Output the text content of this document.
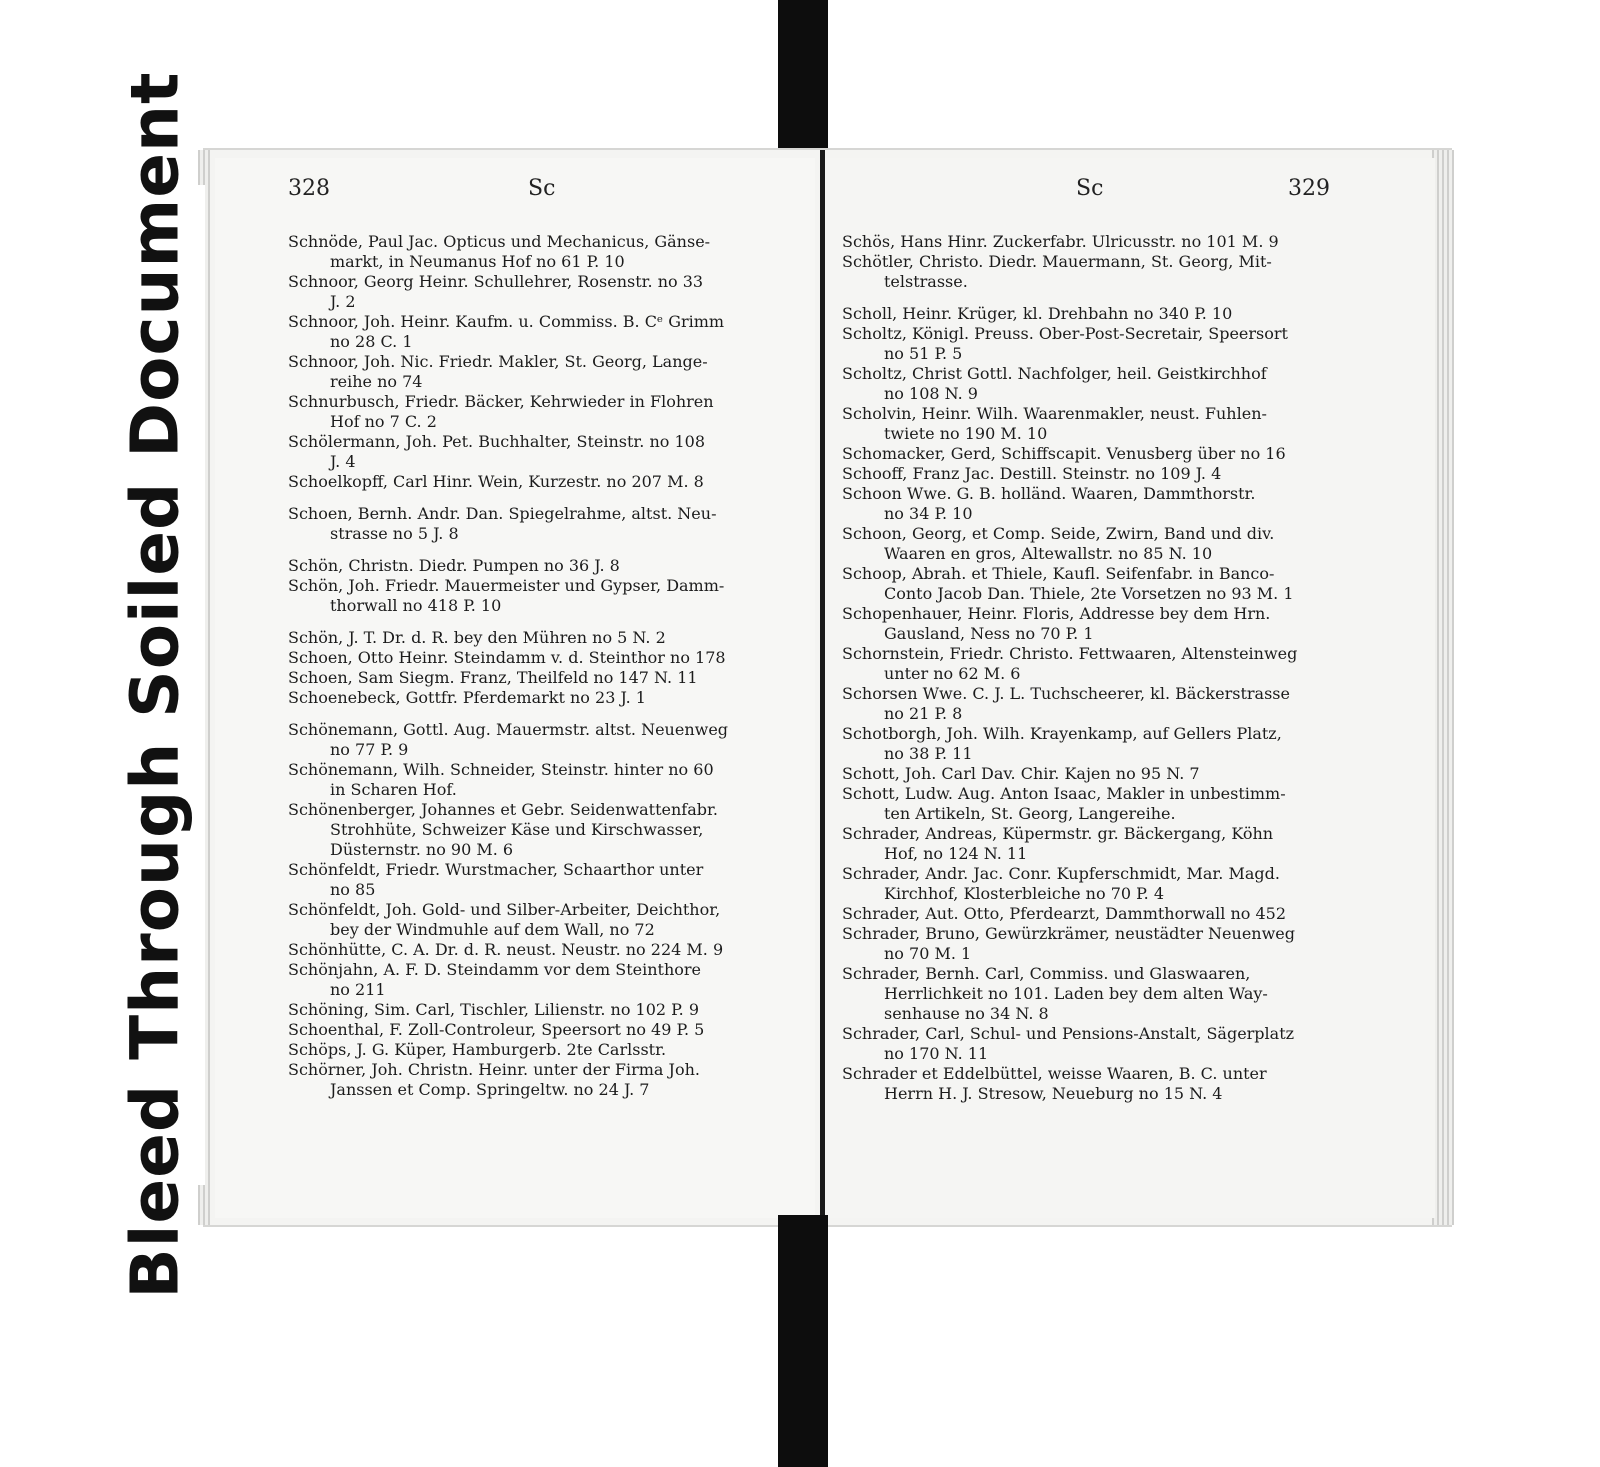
Bleed Through Soiled Document	328	Sc	Sc	329
Schnöde, Paul Jac. Opticus und Mechanicus, Gänse-
markt, in Neumanus Hof no 61 P. 10
Schnoor, Georg Heinr. Schullehrer, Rosenstr. no 33
J. 2
Schnoor, Joh. Heinr. Kaufm. u. Commiss. B. Cᵉ Grimm
no 28 C. 1
Schnoor, Joh. Nic. Friedr. Makler, St. Georg, Lange-
reihe no 74
Schnurbusch, Friedr. Bäcker, Kehrwieder in Flohren
Hof no 7 C. 2
Schölermann, Joh. Pet. Buchhalter, Steinstr. no 108
J. 4
Schoelkopff, Carl Hinr. Wein, Kurzestr. no 207 M. 8
Schoen, Bernh. Andr. Dan. Spiegelrahme, altst. Neu-
strasse no 5 J. 8
Schön, Christn. Diedr. Pumpen no 36 J. 8
Schön, Joh. Friedr. Mauermeister und Gypser, Damm-
thorwall no 418 P. 10
Schön, J. T. Dr. d. R. bey den Mühren no 5 N. 2
Schoen, Otto Heinr. Steindamm v. d. Steinthor no 178
Schoen, Sam Siegm. Franz, Theilfeld no 147 N. 11
Schoenebeck, Gottfr. Pferdemarkt no 23 J. 1
Schönemann, Gottl. Aug. Mauermstr. altst. Neuenweg
no 77 P. 9
Schönemann, Wilh. Schneider, Steinstr. hinter no 60
in Scharen Hof.
Schönenberger, Johannes et Gebr. Seidenwattenfabr.
Strohhüte, Schweizer Käse und Kirschwasser, Düsternstr. no 90 M. 6
Schönfeldt, Friedr. Wurstmacher, Schaarthor unter
no 85
Schönfeldt, Joh. Gold- und Silber-Arbeiter, Deichthor,
bey der Windmuhle auf dem Wall, no 72
Schönhütte, C. A. Dr. d. R. neust. Neustr. no 224 M. 9
Schönjahn, A. F. D. Steindamm vor dem Steinthore
no 211
Schöning, Sim. Carl, Tischler, Lilienstr. no 102 P. 9
Schoenthal, F. Zoll-Controleur, Speersort no 49 P. 5
Schöps, J. G. Küper, Hamburgerb. 2te Carlsstr.
Schörner, Joh. Christn. Heinr. unter der Firma Joh.
Janssen et Comp. Springeltw. no 24 J. 7
Schös, Hans Hinr. Zuckerfabr. Ulricusstr. no 101 M. 9
Schötler, Christo. Diedr. Mauermann, St. Georg, Mit-
telstrasse.
Scholl, Heinr. Krüger, kl. Drehbahn no 340 P. 10
Scholtz, Königl. Preuss. Ober-Post-Secretair, Speersort
no 51 P. 5
Scholtz, Christ Gottl. Nachfolger, heil. Geistkirchhof
no 108 N. 9
Scholvin, Heinr. Wilh. Waarenmakler, neust. Fuhlen-
twiete no 190 M. 10
Schomacker, Gerd, Schiffscapit. Venusberg über no 16
Schooff, Franz Jac. Destill. Steinstr. no 109 J. 4
Schoon Wwe. G. B. holländ. Waaren, Dammthorstr.
no 34 P. 10
Schoon, Georg, et Comp. Seide, Zwirn, Band und div.
Waaren en gros, Altewallstr. no 85 N. 10
Schoop, Abrah. et Thiele, Kaufl. Seifenfabr. in Banco-
Conto Jacob Dan. Thiele, 2te Vorsetzen no 93 M. 1
Schopenhauer, Heinr. Floris, Addresse bey dem Hrn.
Gausland, Ness no 70 P. 1
Schornstein, Friedr. Christo. Fettwaaren, Altensteinweg
unter no 62 M. 6
Schorsen Wwe. C. J. L. Tuchscheerer, kl. Bäckerstrasse
no 21 P. 8
Schotborgh, Joh. Wilh. Krayenkamp, auf Gellers Platz,
no 38 P. 11
Schott, Joh. Carl Dav. Chir. Kajen no 95 N. 7
Schott, Ludw. Aug. Anton Isaac, Makler in unbestimm-
ten Artikeln, St. Georg, Langereihe.
Schrader, Andreas, Küpermstr. gr. Bäckergang, Köhn
Hof, no 124 N. 11
Schrader, Andr. Jac. Conr. Kupferschmidt, Mar. Magd.
Kirchhof, Klosterbleiche no 70 P. 4
Schrader, Aut. Otto, Pferdearzt, Dammthorwall no 452
Schrader, Bruno, Gewürzkrämer, neustädter Neuenweg
no 70 M. 1
Schrader, Bernh. Carl, Commiss. und Glaswaaren,
Herrlichkeit no 101. Laden bey dem alten Way-senhause no 34 N. 8
Schrader, Carl, Schul- und Pensions-Anstalt, Sägerplatz
no 170 N. 11
Schrader et Eddelbüttel, weisse Waaren, B. C. unter
Herrn H. J. Stresow, Neueburg no 15 N. 4
